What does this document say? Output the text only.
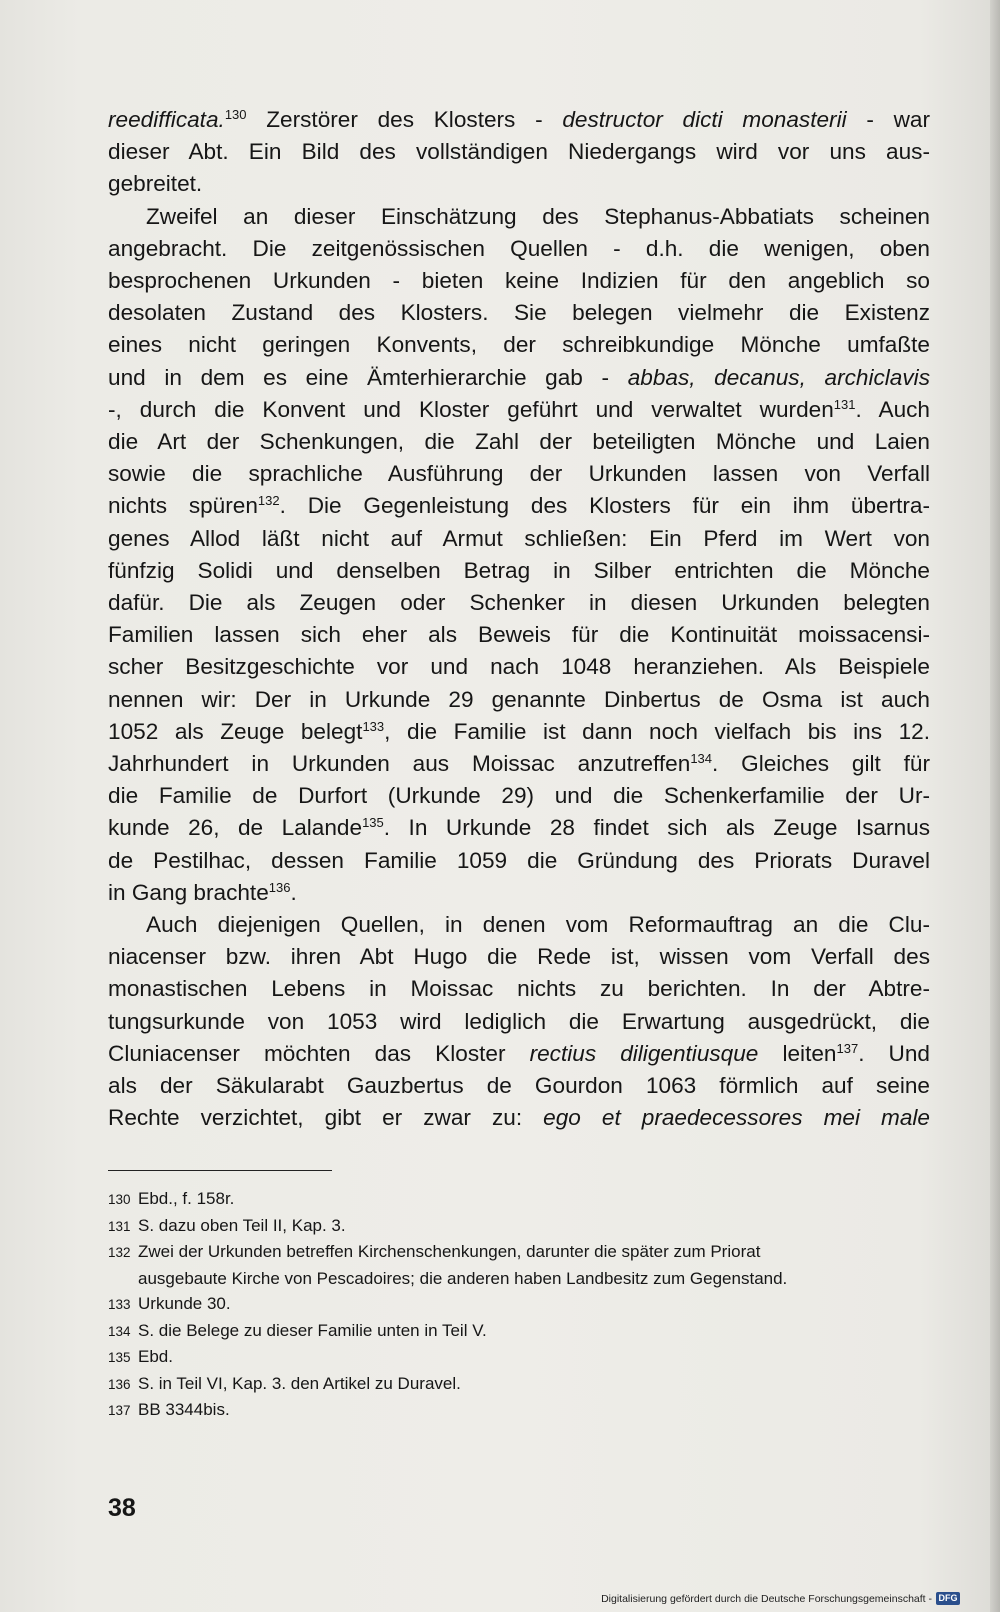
reedifficata.$^{130}$ Zerstörer des Klosters - destructor dicti monasterii - war
dieser Abt. Ein Bild des vollständigen Niedergangs wird vor uns aus-
gebreitet.
Zweifel an dieser Einschätzung des Stephanus-Abbatiats scheinen
angebracht. Die zeitgenössischen Quellen - d.h. die wenigen, oben
besprochenen Urkunden - bieten keine Indizien für den angeblich so
desolaten Zustand des Klosters. Sie belegen vielmehr die Existenz
eines nicht geringen Konvents, der schreibkundige Mönche umfaßte
und in dem es eine Ämterhierarchie gab - abbas, decanus, archiclavis
-, durch die Konvent und Kloster geführt und verwaltet wurden$^{131}$. Auch
die Art der Schenkungen, die Zahl der beteiligten Mönche und Laien
sowie die sprachliche Ausführung der Urkunden lassen von Verfall
nichts spüren$^{132}$. Die Gegenleistung des Klosters für ein ihm übertra-
genes Allod läßt nicht auf Armut schließen: Ein Pferd im Wert von
fünfzig Solidi und denselben Betrag in Silber entrichten die Mönche
dafür. Die als Zeugen oder Schenker in diesen Urkunden belegten
Familien lassen sich eher als Beweis für die Kontinuität moissacensi-
scher Besitzgeschichte vor und nach 1048 heranziehen. Als Beispiele
nennen wir: Der in Urkunde 29 genannte Dinbertus de Osma ist auch
1052 als Zeuge belegt$^{133}$, die Familie ist dann noch vielfach bis ins 12.
Jahrhundert in Urkunden aus Moissac anzutreffen$^{134}$. Gleiches gilt für
die Familie de Durfort (Urkunde 29) und die Schenkerfamilie der Ur-
kunde 26, de Lalande$^{135}$. In Urkunde 28 findet sich als Zeuge Isarnus
de Pestilhac, dessen Familie 1059 die Gründung des Priorats Duravel
in Gang brachte$^{136}$.
Auch diejenigen Quellen, in denen vom Reformauftrag an die Clu-
niacenser bzw. ihren Abt Hugo die Rede ist, wissen vom Verfall des
monastischen Lebens in Moissac nichts zu berichten. In der Abtre-
tungsurkunde von 1053 wird lediglich die Erwartung ausgedrückt, die
Cluniacenser möchten das Kloster rectius diligentiusque leiten$^{137}$. Und
als der Säkularabt Gauzbertus de Gourdon 1063 förmlich auf seine
Rechte verzichtet, gibt er zwar zu: ego et praedecessores mei male
130 Ebd., f. 158r.
131 S. dazu oben Teil II, Kap. 3.
132 Zwei der Urkunden betreffen Kirchenschenkungen, darunter die später zum Priorat
ausgebaute Kirche von Pescadoires; die anderen haben Landbesitz zum Gegenstand.
133 Urkunde 30.
134 S. die Belege zu dieser Familie unten in Teil V.
135 Ebd.
136 S. in Teil VI, Kap. 3. den Artikel zu Duravel.
137 BB 3344bis.
38
Digitalisierung gefördert durch die Deutsche Forschungsgemeinschaft - DFG
